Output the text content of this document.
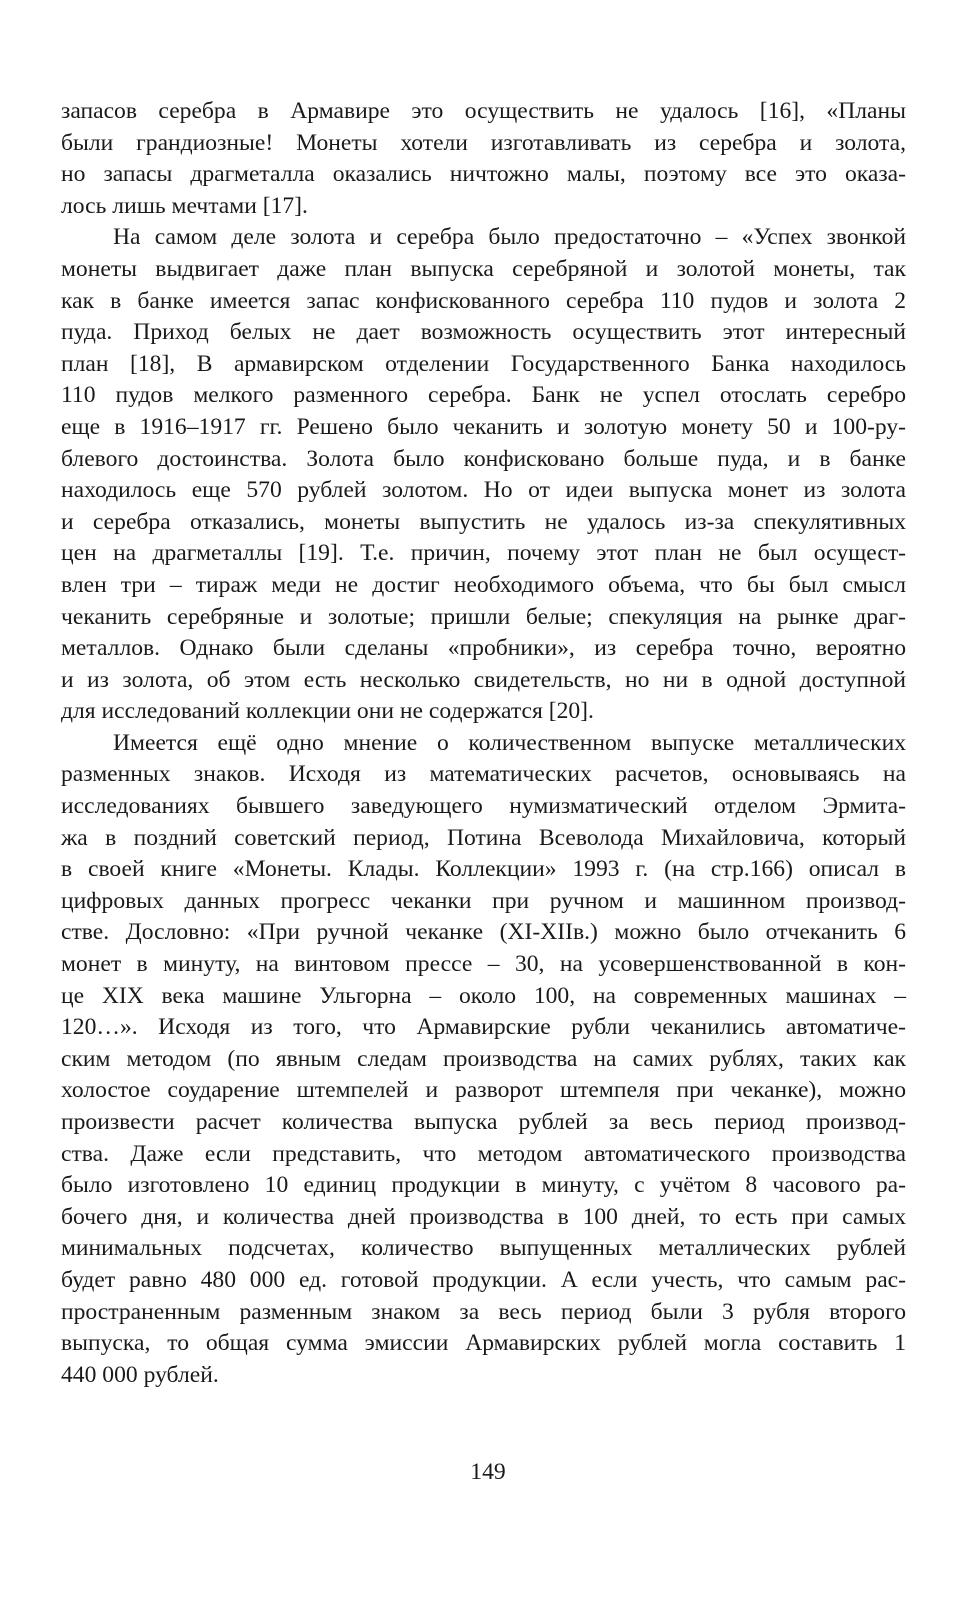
запасов серебра в Армавире это осуществить не удалось [16], «Планы
были грандиозные! Монеты хотели изготавливать из серебра и золота,
но запасы драгметалла оказались ничтожно малы, поэтому все это оказа-
лось лишь мечтами [17].
На самом деле золота и серебра было предостаточно – «Успех звонкой
монеты выдвигает даже план выпуска серебряной и золотой монеты, так
как в банке имеется запас конфискованного серебра 110 пудов и золота 2
пуда. Приход белых не дает возможность осуществить этот интересный
план [18], В армавирском отделении Государственного Банка находилось
110 пудов мелкого разменного серебра. Банк не успел отослать серебро
еще в 1916–1917 гг. Решено было чеканить и золотую монету 50 и 100-ру-
блевого достоинства. Золота было конфисковано больше пуда, и в банке
находилось еще 570 рублей золотом. Но от идеи выпуска монет из золота
и серебра отказались, монеты выпустить не удалось из-за спекулятивных
цен на драгметаллы [19]. Т.е. причин, почему этот план не был осущест-
влен три – тираж меди не достиг необходимого объема, что бы был смысл
чеканить серебряные и золотые; пришли белые; спекуляция на рынке драг-
металлов. Однако были сделаны «пробники», из серебра точно, вероятно
и из золота, об этом есть несколько свидетельств, но ни в одной доступной
для исследований коллекции они не содержатся [20].
Имеется ещё одно мнение о количественном выпуске металлических
разменных знаков. Исходя из математических расчетов, основываясь на
исследованиях бывшего заведующего нумизматический отделом Эрмита-
жа в поздний советский период, Потина Всеволода Михайловича, который
в своей книге «Монеты. Клады. Коллекции» 1993 г. (на стр.166) описал в
цифровых данных прогресс чеканки при ручном и машинном производ-
стве. Дословно: «При ручной чеканке (XI-XIIв.) можно было отчеканить 6
монет в минуту, на винтовом прессе – 30, на усовершенствованной в кон-
це XIX века машине Ульгорна – около 100, на современных машинах –
120…». Исходя из того, что Армавирские рубли чеканились автоматиче-
ским методом (по явным следам производства на самих рублях, таких как
холостое соударение штемпелей и разворот штемпеля при чеканке), можно
произвести расчет количества выпуска рублей за весь период производ-
ства. Даже если представить, что методом автоматического производства
было изготовлено 10 единиц продукции в минуту, с учётом 8 часового ра-
бочего дня, и количества дней производства в 100 дней, то есть при самых
минимальных подсчетах, количество выпущенных металлических рублей
будет равно 480 000 ед. готовой продукции. А если учесть, что самым рас-
пространенным разменным знаком за весь период были 3 рубля второго
выпуска, то общая сумма эмиссии Армавирских рублей могла составить 1
440 000 рублей.
149
